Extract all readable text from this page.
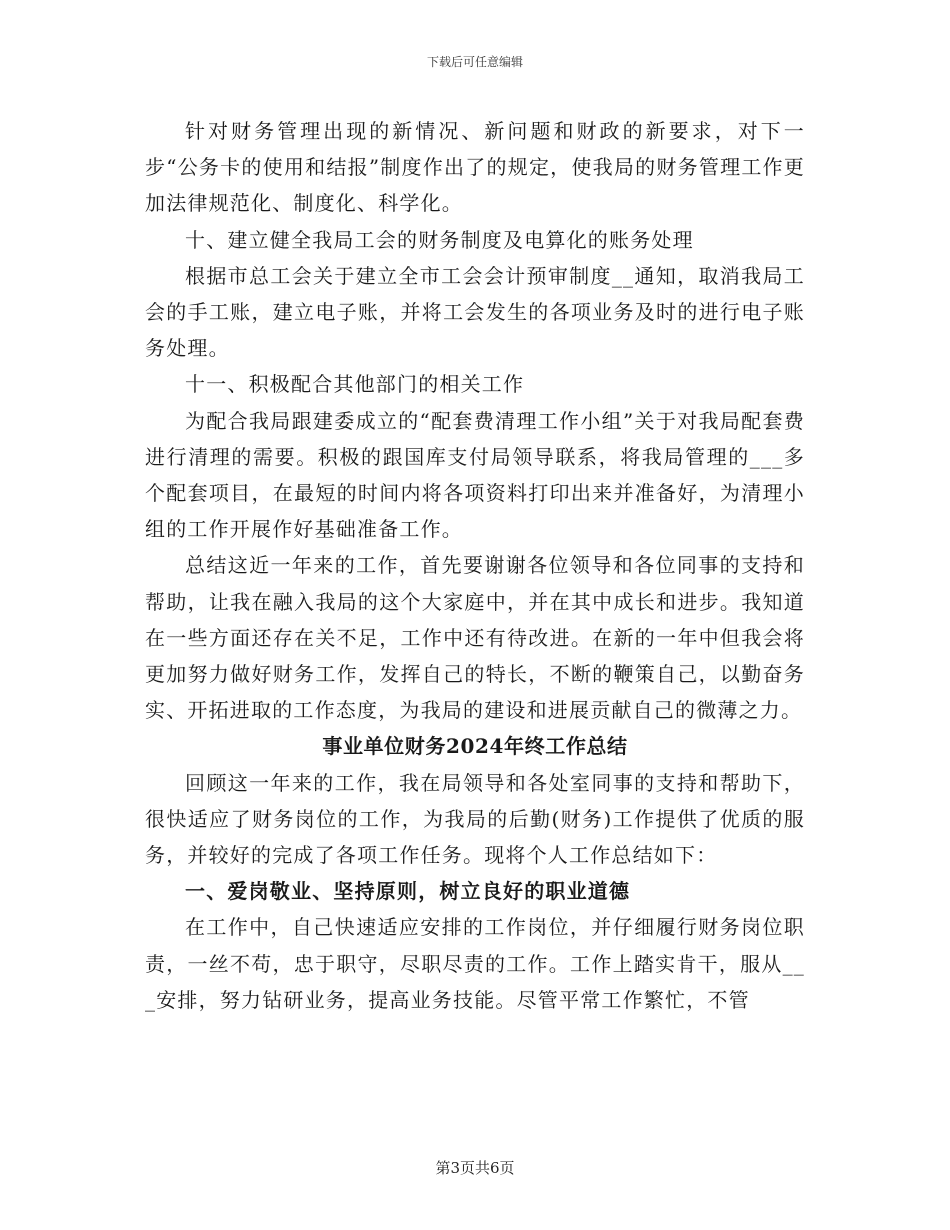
下载后可任意编辑

针对财务管理出现的新情况、新问题和财政的新要求，对下一步“公务卡的使用和结报”制度作出了的规定，使我局的财务管理工作更加法律规范化、制度化、科学化。

十、建立健全我局工会的财务制度及电算化的账务处理

根据市总工会关于建立全市工会会计预审制度__通知，取消我局工会的手工账，建立电子账，并将工会发生的各项业务及时的进行电子账务处理。

十一、积极配合其他部门的相关工作

为配合我局跟建委成立的“配套费清理工作小组”关于对我局配套费进行清理的需要。积极的跟国库支付局领导联系，将我局管理的___多个配套项目，在最短的时间内将各项资料打印出来并准备好，为清理小组的工作开展作好基础准备工作。

总结这近一年来的工作，首先要谢谢各位领导和各位同事的支持和帮助，让我在融入我局的这个大家庭中，并在其中成长和进步。我知道在一些方面还存在关不足，工作中还有待改进。在新的一年中但我会将更加努力做好财务工作，发挥自己的特长，不断的鞭策自己，以勤奋务实、开拓进取的工作态度，为我局的建设和进展贡献自己的微薄之力。

事业单位财务2024年终工作总结

回顾这一年来的工作，我在局领导和各处室同事的支持和帮助下，很快适应了财务岗位的工作，为我局的后勤(财务)工作提供了优质的服务，并较好的完成了各项工作任务。现将个人工作总结如下：

一、爱岗敬业、坚持原则，树立良好的职业道德

在工作中，自己快速适应安排的工作岗位，并仔细履行财务岗位职责，一丝不苟，忠于职守，尽职尽责的工作。工作上踏实肯干，服从___安排，努力钻研业务，提高业务技能。尽管平常工作繁忙，不管

第3页共6页
